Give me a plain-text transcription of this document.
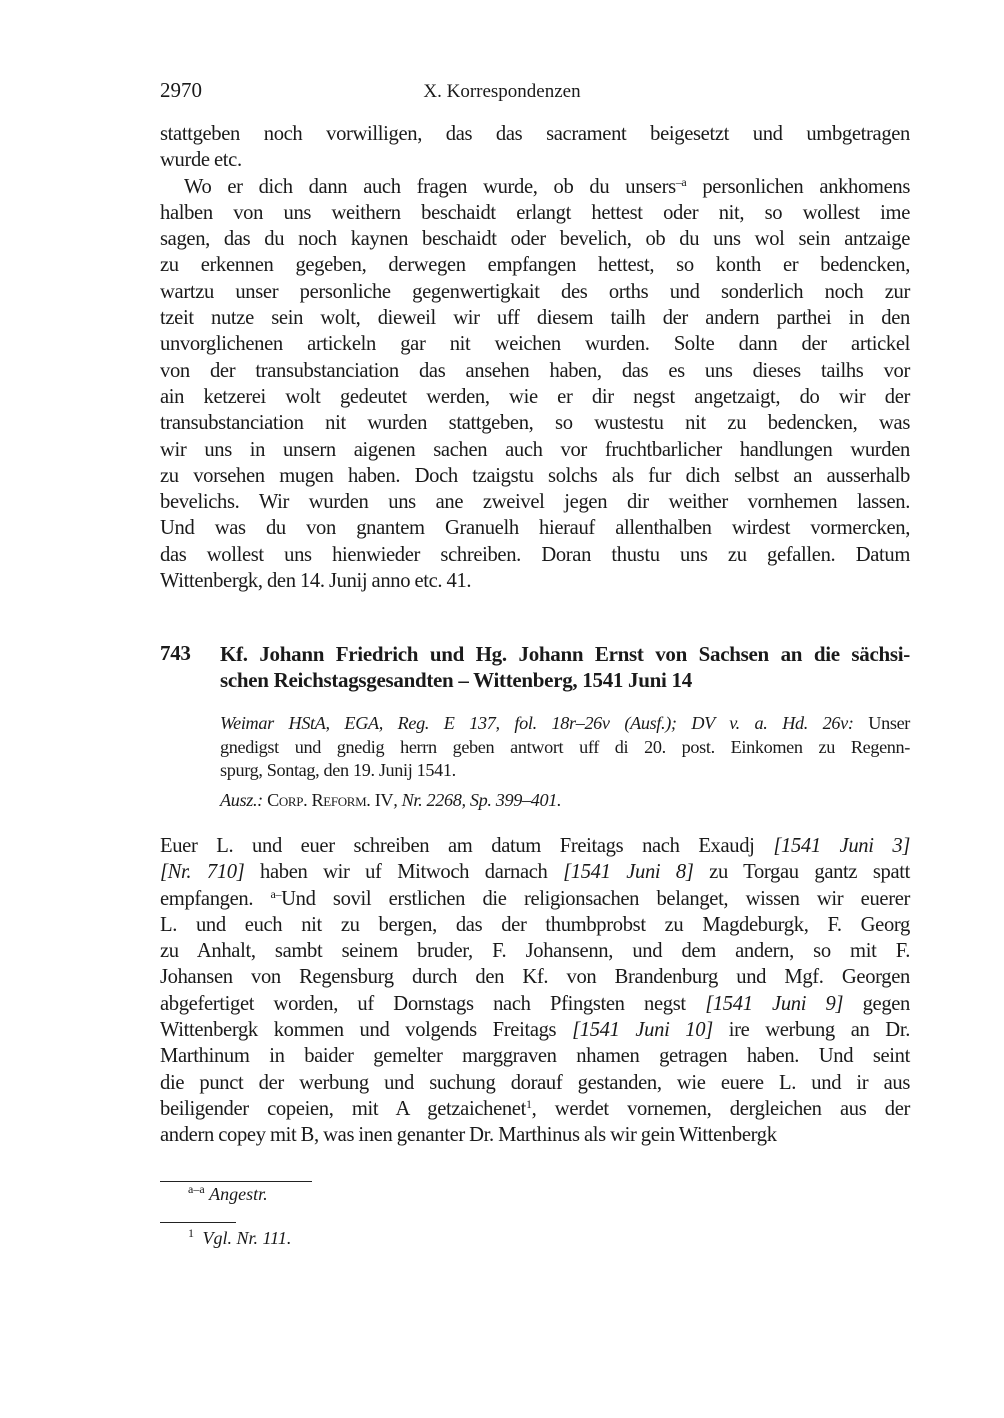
2970	X. Korrespondenzen
stattgeben noch vorwilligen, das das sacrament beigesetzt und umbgetragen
wurde etc.
Wo er dich dann auch fragen wurde, ob du unsers$^{-a}$ personlichen ankhomens
halben von uns weithern beschaidt erlangt hettest oder nit, so wollest ime
sagen, das du noch kaynen beschaidt oder bevelich, ob du uns wol sein antzaige
zu erkennen gegeben, derwegen empfangen hettest, so konth er bedencken,
wartzu unser personliche gegenwertigkait des orths und sonderlich noch zur
tzeit nutze sein wolt, dieweil wir uff diesem tailh der andern parthei in den
unvorglichenen artickeln gar nit weichen wurden. Solte dann der artickel
von der transubstanciation das ansehen haben, das es uns dieses tailhs vor
ain ketzerei wolt gedeutet werden, wie er dir negst angetzaigt, do wir der
transubstanciation nit wurden stattgeben, so wustestu nit zu bedencken, was
wir uns in unsern aigenen sachen auch vor fruchtbarlicher handlungen wurden
zu vorsehen mugen haben. Doch tzaigstu solchs als fur dich selbst an ausserhalb
bevelichs. Wir wurden uns ane zweivel jegen dir weither vornhemen lassen.
Und was du von gnantem Granuelh hierauf allenthalben wirdest vormercken,
das wollest uns hienwieder schreiben. Doran thustu uns zu gefallen. Datum
Wittenbergk, den 14. Junij anno etc. 41.
743 Kf. Johann Friedrich und Hg. Johann Ernst von Sachsen an die sächsi-
schen Reichstagsgesandten – Wittenberg, 1541 Juni 14
Weimar HStA, EGA, Reg. E 137, fol. 18r–26v (Ausf.); DV v. a. Hd. 26v: Unser
gnedigst und gnedig herrn geben antwort uff di 20. post. Einkomen zu Regenn-
spurg, Sontag, den 19. Junij 1541.
Ausz.: Corp. Reform. IV, Nr. 2268, Sp. 399–401.
Euer L. und euer schreiben am datum Freitags nach Exaudj [1541 Juni 3]
[Nr. 710] haben wir uf Mitwoch darnach [1541 Juni 8] zu Torgau gantz spatt
empfangen. $^{a-}$Und sovil erstlichen die religionsachen belanget, wissen wir euerer
L. und euch nit zu bergen, das der thumbprobst zu Magdeburgk, F. Georg
zu Anhalt, sambt seinem bruder, F. Johansenn, und dem andern, so mit F.
Johansen von Regensburg durch den Kf. von Brandenburg und Mgf. Georgen
abgefertiget worden, uf Dornstags nach Pfingsten negst [1541 Juni 9] gegen
Wittenbergk kommen und volgends Freitags [1541 Juni 10] ire werbung an Dr.
Marthinum in baider gemelter marggraven nhamen getragen haben. Und seint
die punct der werbung und suchung dorauf gestanden, wie euere L. und ir aus
beiligender copeien, mit A getzaichenet$^1$, werdet vornemen, dergleichen aus der
andern copey mit B, was inen genanter Dr. Marthinus als wir gein Wittenbergk
$^{a-a}$ Angestr.
$^1$ Vgl. Nr. 111.
